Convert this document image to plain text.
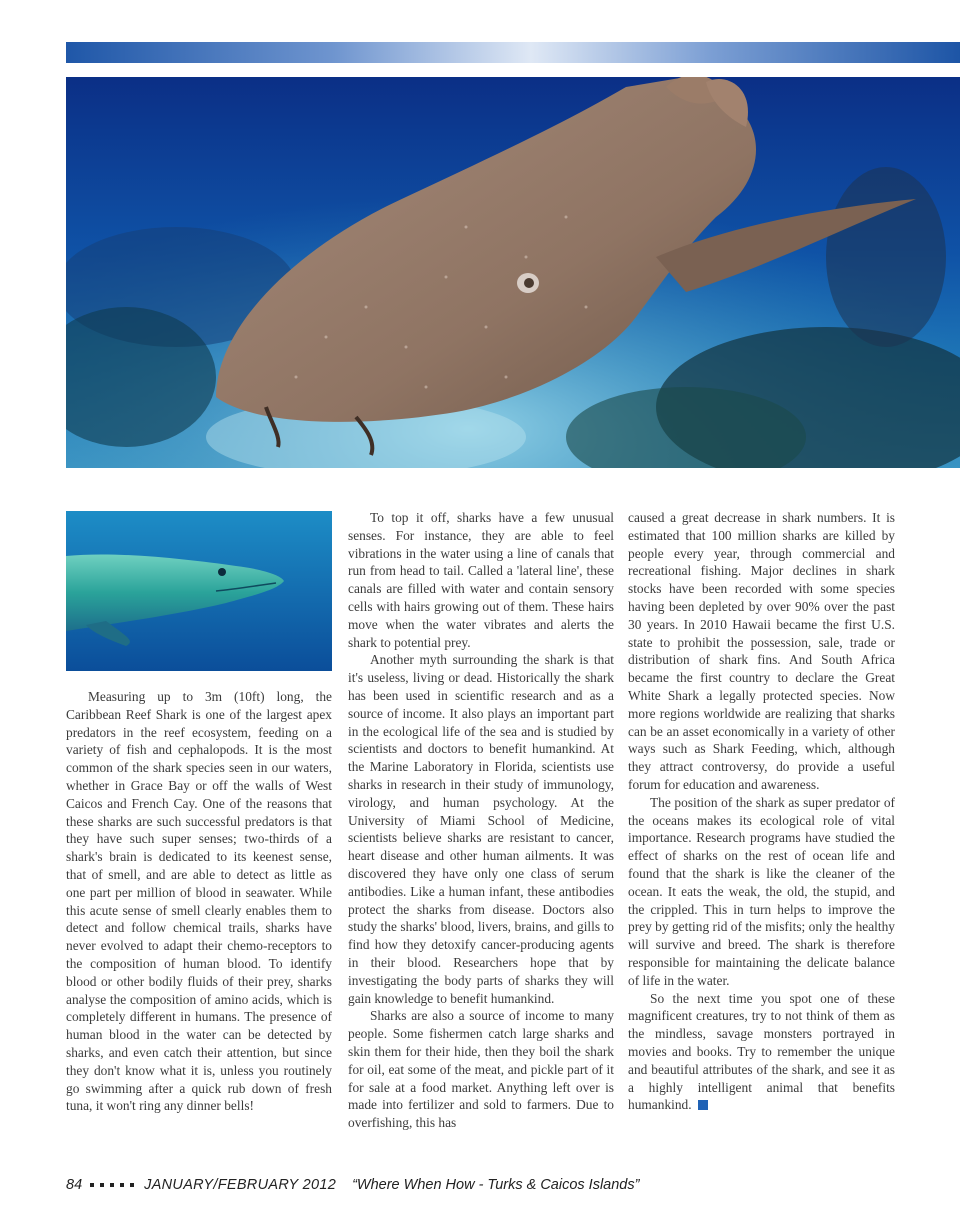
Measuring up to 3m (10ft) long, the Caribbean Reef Shark is one of the largest apex predators in the reef ecosystem, feeding on a variety of fish and cephalopods. It is the most common of the shark species seen in our waters, whether in Grace Bay or off the walls of West Caicos and French Cay. One of the reasons that these sharks are such successful predators is that they have such super senses; two-thirds of a shark's brain is dedicated to its keenest sense, that of smell, and are able to detect as little as one part per million of blood in seawater. While this acute sense of smell clearly enables them to detect and follow chemical trails, sharks have never evolved to adapt their chemo-receptors to the composition of human blood. To identify blood or other bodily fluids of their prey, sharks analyse the composition of amino acids, which is completely different in humans. The presence of human blood in the water can be detected by sharks, and even catch their attention, but since they don't know what it is, unless you routinely go swimming after a quick rub down of fresh tuna, it won't ring any dinner bells!

To top it off, sharks have a few unusual senses. For instance, they are able to feel vibrations in the water using a line of canals that run from head to tail. Called a 'lateral line', these canals are filled with water and contain sensory cells with hairs growing out of them. These hairs move when the water vibrates and alerts the shark to potential prey.

Another myth surrounding the shark is that it's useless, living or dead. Historically the shark has been used in scientific research and as a source of income. It also plays an important part in the ecological life of the sea and is studied by scientists and doctors to benefit humankind. At the Marine Laboratory in Florida, scientists use sharks in research in their study of immunology, virology, and human psychology. At the University of Miami School of Medicine, scientists believe sharks are resistant to cancer, heart disease and other human ailments. It was discovered they have only one class of serum antibodies. Like a human infant, these antibodies protect the sharks from disease. Doctors also study the sharks' blood, livers, brains, and gills to find how they detoxify cancer-producing agents in their blood. Researchers hope that by investigating the body parts of sharks they will gain knowledge to benefit humankind.

Sharks are also a source of income to many people. Some fishermen catch large sharks and skin them for their hide, then they boil the shark for oil, eat some of the meat, and pickle part of it for sale at a food market. Anything left over is made into fertilizer and sold to farmers. Due to overfishing, this has

caused a great decrease in shark numbers. It is estimated that 100 million sharks are killed by people every year, through commercial and recreational fishing. Major declines in shark stocks have been recorded with some species having been depleted by over 90% over the past 30 years. In 2010 Hawaii became the first U.S. state to prohibit the possession, sale, trade or distribution of shark fins. And South Africa became the first country to declare the Great White Shark a legally protected species. Now more regions worldwide are realizing that sharks can be an asset economically in a variety of other ways such as Shark Feeding, which, although they attract controversy, do provide a useful forum for education and awareness.

The position of the shark as super predator of the oceans makes its ecological role of vital importance. Research programs have studied the effect of sharks on the rest of ocean life and found that the shark is like the cleaner of the ocean. It eats the weak, the old, the stupid, and the crippled. This in turn helps to improve the prey by getting rid of the misfits; only the healthy will survive and breed. The shark is therefore responsible for maintaining the delicate balance of life in the water.

So the next time you spot one of these magnificent creatures, try to not think of them as the mindless, savage monsters portrayed in movies and books. Try to remember the unique and beautiful attributes of the shark, and see it as a highly intelligent animal that benefits humankind.

84	JANUARY/FEBRUARY 2012 “Where When How - Turks & Caicos Islands”
